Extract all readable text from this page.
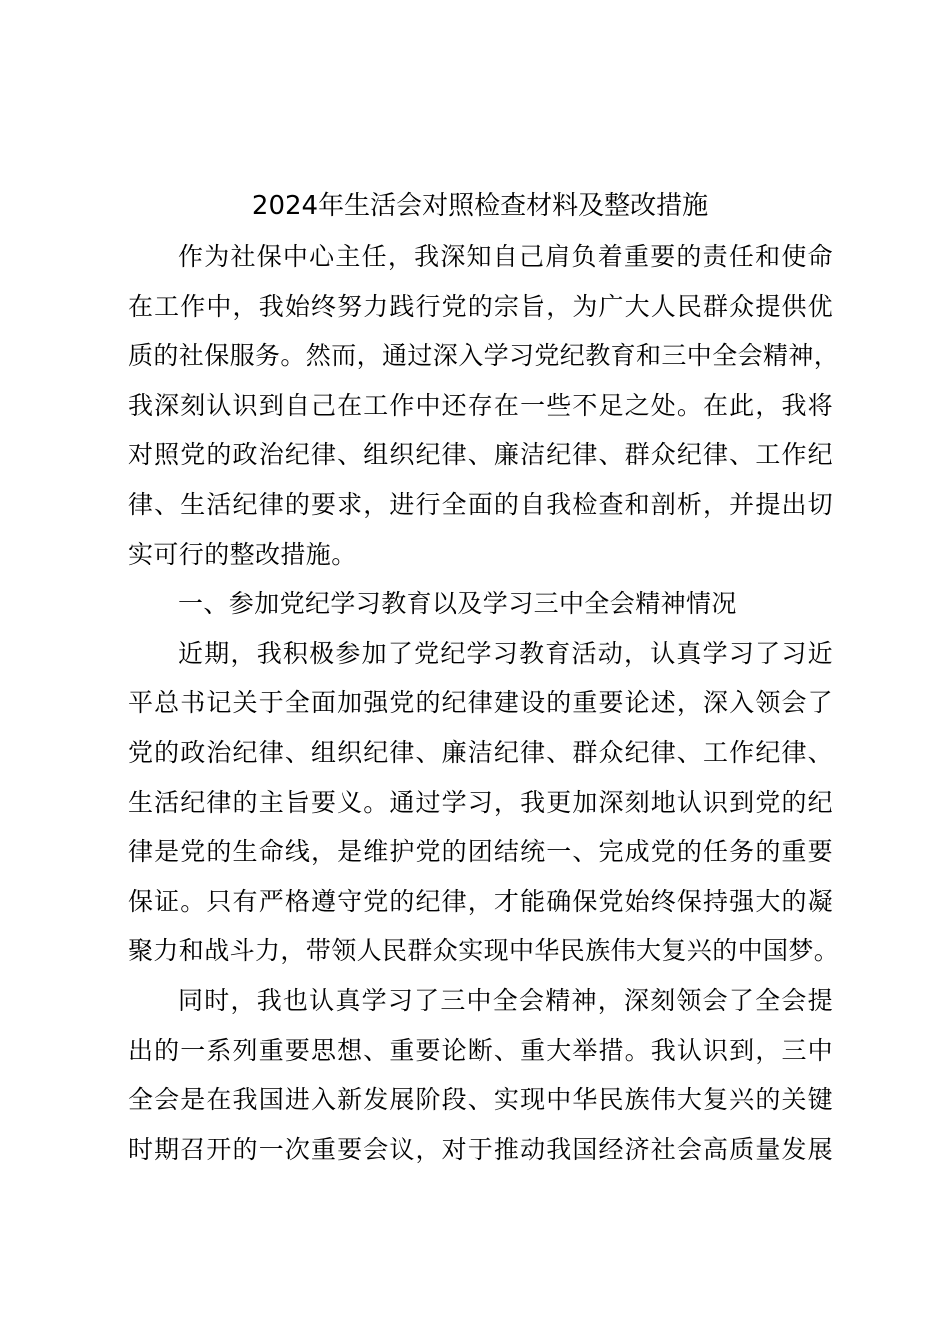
2024年生活会对照检查材料及整改措施
作为社保中心主任，我深知自己肩负着重要的责任和使命
在工作中，我始终努力践行党的宗旨，为广大人民群众提供优
质的社保服务。然而，通过深入学习党纪教育和三中全会精神，
我深刻认识到自己在工作中还存在一些不足之处。在此，我将
对照党的政治纪律、组织纪律、廉洁纪律、群众纪律、工作纪
律、生活纪律的要求，进行全面的自我检查和剖析，并提出切
实可行的整改措施。
一、参加党纪学习教育以及学习三中全会精神情况
近期，我积极参加了党纪学习教育活动，认真学习了习近
平总书记关于全面加强党的纪律建设的重要论述，深入领会了
党的政治纪律、组织纪律、廉洁纪律、群众纪律、工作纪律、
生活纪律的主旨要义。通过学习，我更加深刻地认识到党的纪
律是党的生命线，是维护党的团结统一、完成党的任务的重要
保证。只有严格遵守党的纪律，才能确保党始终保持强大的凝
聚力和战斗力，带领人民群众实现中华民族伟大复兴的中国梦。
同时，我也认真学习了三中全会精神，深刻领会了全会提
出的一系列重要思想、重要论断、重大举措。我认识到，三中
全会是在我国进入新发展阶段、实现中华民族伟大复兴的关键
时期召开的一次重要会议，对于推动我国经济社会高质量发展
